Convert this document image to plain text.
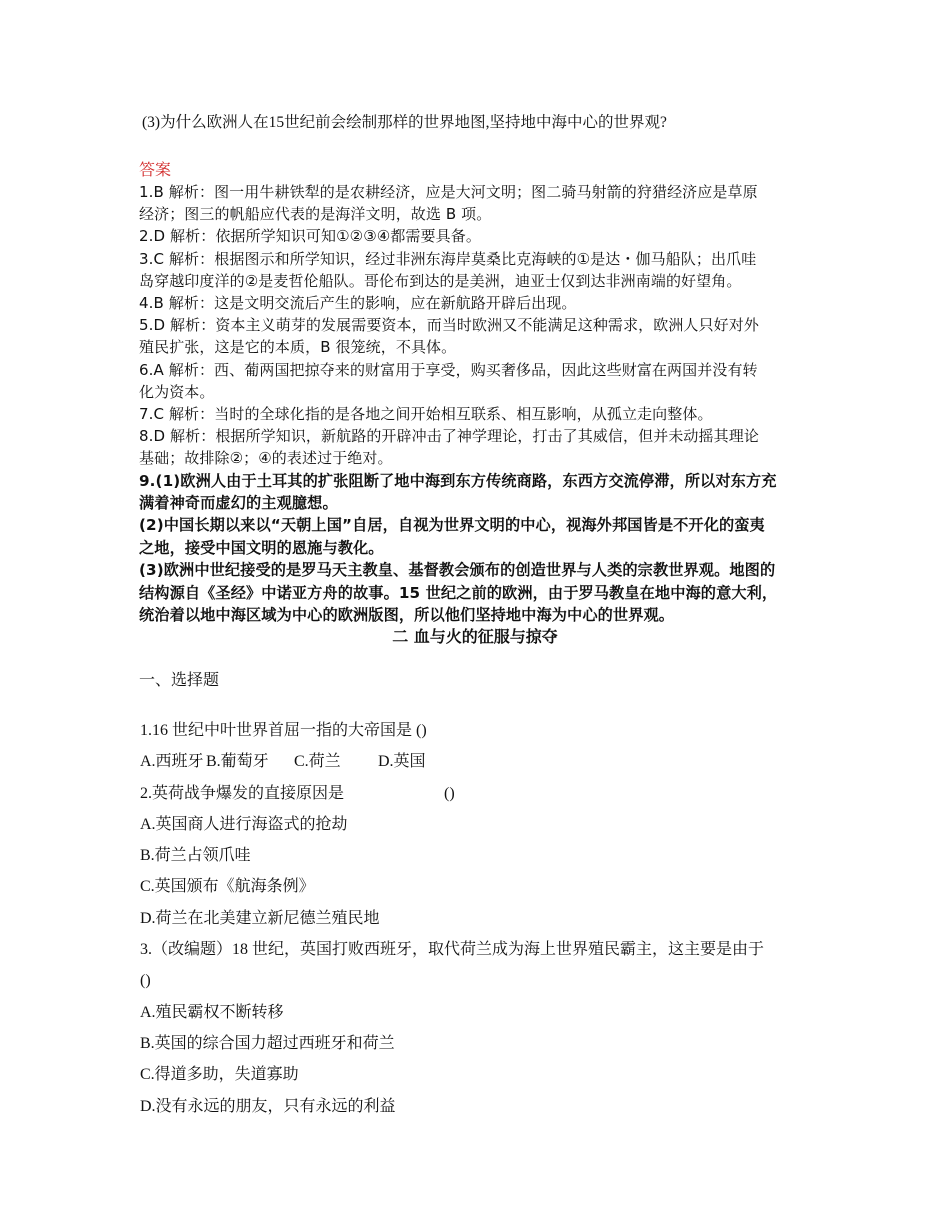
(3)为什么欧洲人在15世纪前会绘制那样的世界地图,坚持地中海中心的世界观?
答案

1.B 解析：图一用牛耕铁犁的是农耕经济，应是大河文明；图二骑马射箭的狩猎经济应是草原

经济；图三的帆船应代表的是海洋文明，故选 B 项。

2.D 解析：依据所学知识可知①②③④都需要具备。

3.C 解析：根据图示和所学知识，经过非洲东海岸莫桑比克海峡的①是达・伽马船队；出爪哇

岛穿越印度洋的②是麦哲伦船队。哥伦布到达的是美洲，迪亚士仅到达非洲南端的好望角。

4.B 解析：这是文明交流后产生的影响，应在新航路开辟后出现。

5.D 解析：资本主义萌芽的发展需要资本，而当时欧洲又不能满足这种需求，欧洲人只好对外

殖民扩张，这是它的本质，B 很笼统，不具体。

6.A 解析：西、葡两国把掠夺来的财富用于享受，购买奢侈品，因此这些财富在两国并没有转

化为资本。

7.C 解析：当时的全球化指的是各地之间开始相互联系、相互影响，从孤立走向整体。

8.D 解析：根据所学知识，新航路的开辟冲击了神学理论，打击了其威信，但并未动摇其理论

基础；故排除②；④的表述过于绝对。

9.(1)欧洲人由于土耳其的扩张阻断了地中海到东方传统商路，东西方交流停滞，所以对东方充

满着神奇而虚幻的主观臆想。

(2)中国长期以来以“天朝上国”自居，自视为世界文明的中心，视海外邦国皆是不开化的蛮夷

之地，接受中国文明的恩施与教化。

(3)欧洲中世纪接受的是罗马天主教皇、基督教会颁布的创造世界与人类的宗教世界观。地图的

结构源自《圣经》中诺亚方舟的故事。15 世纪之前的欧洲，由于罗马教皇在地中海的意大利，

统治着以地中海区域为中心的欧洲版图，所以他们坚持地中海为中心的世界观。

二 血与火的征服与掠夺
一、选择题

1.16 世纪中叶世界首屈一指的大帝国是 ()

A.西班牙 B.葡萄牙 C.荷兰 D.英国

2.英荷战争爆发的直接原因是	()

A.英国商人进行海盗式的抢劫

B.荷兰占领爪哇

C.英国颁布《航海条例》

D.荷兰在北美建立新尼德兰殖民地

3.（改编题）18 世纪，英国打败西班牙，取代荷兰成为海上世界殖民霸主，这主要是由于

()

A.殖民霸权不断转移

B.英国的综合国力超过西班牙和荷兰

C.得道多助，失道寡助

D.没有永远的朋友，只有永远的利益
